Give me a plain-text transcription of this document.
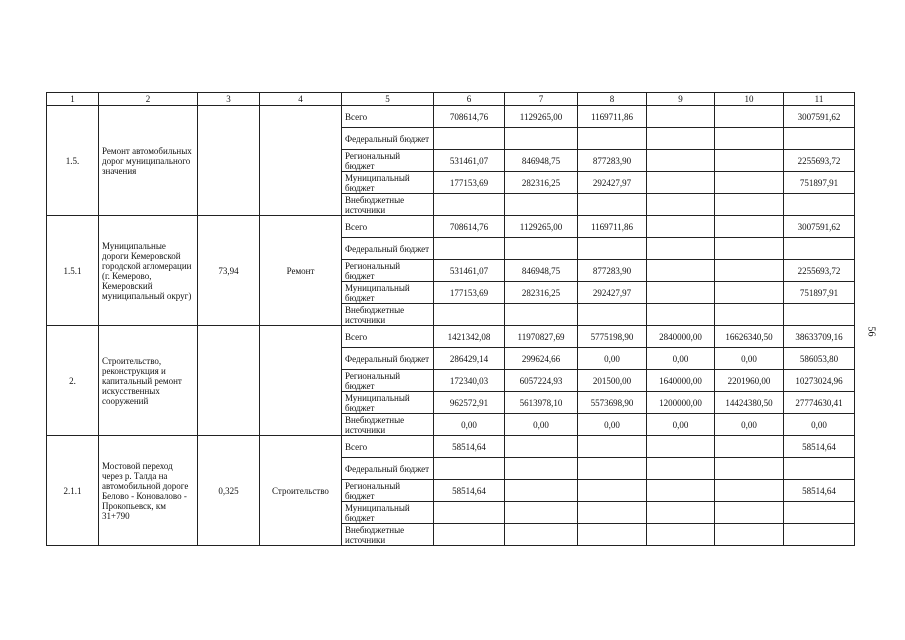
1	2	3	4	5	6	7	8	9	10	11
1.5.	Ремонт автомобильных дорог муниципального значения			Всего	708614,76	1129265,00	1169711,86			3007591,62
				Федеральный бюджет						
				Региональный бюджет	531461,07	846948,75	877283,90			2255693,72
				Муниципальный бюджет	177153,69	282316,25	292427,97			751897,91
				Внебюджетные источники						
1.5.1	Муниципальные дороги Кемеровской городской агломерации (г. Кемерово, Кемеровский муниципальный округ)	73,94	Ремонт	Всего	708614,76	1129265,00	1169711,86			3007591,62
				Федеральный бюджет						
				Региональный бюджет	531461,07	846948,75	877283,90			2255693,72
				Муниципальный бюджет	177153,69	282316,25	292427,97			751897,91
				Внебюджетные источники						
2.	Строительство, реконструкция и капитальный ремонт искусственных сооружений			Всего	1421342,08	11970827,69	5775198,90	2840000,00	16626340,50	38633709,16
				Федеральный бюджет	286429,14	299624,66	0,00	0,00	0,00	586053,80
				Региональный бюджет	172340,03	6057224,93	201500,00	1640000,00	2201960,00	10273024,96
				Муниципальный бюджет	962572,91	5613978,10	5573698,90	1200000,00	14424380,50	27774630,41
				Внебюджетные источники	0,00	0,00	0,00	0,00	0,00	0,00
2.1.1	Мостовой переход через р. Талда на автомобильной дороге Белово - Коновалово - Прокопьевск, км 31+790	0,325	Строительство	Всего	58514,64					58514,64
				Федеральный бюджет						
				Региональный бюджет	58514,64					58514,64
				Муниципальный бюджет						
				Внебюджетные источники						
56
